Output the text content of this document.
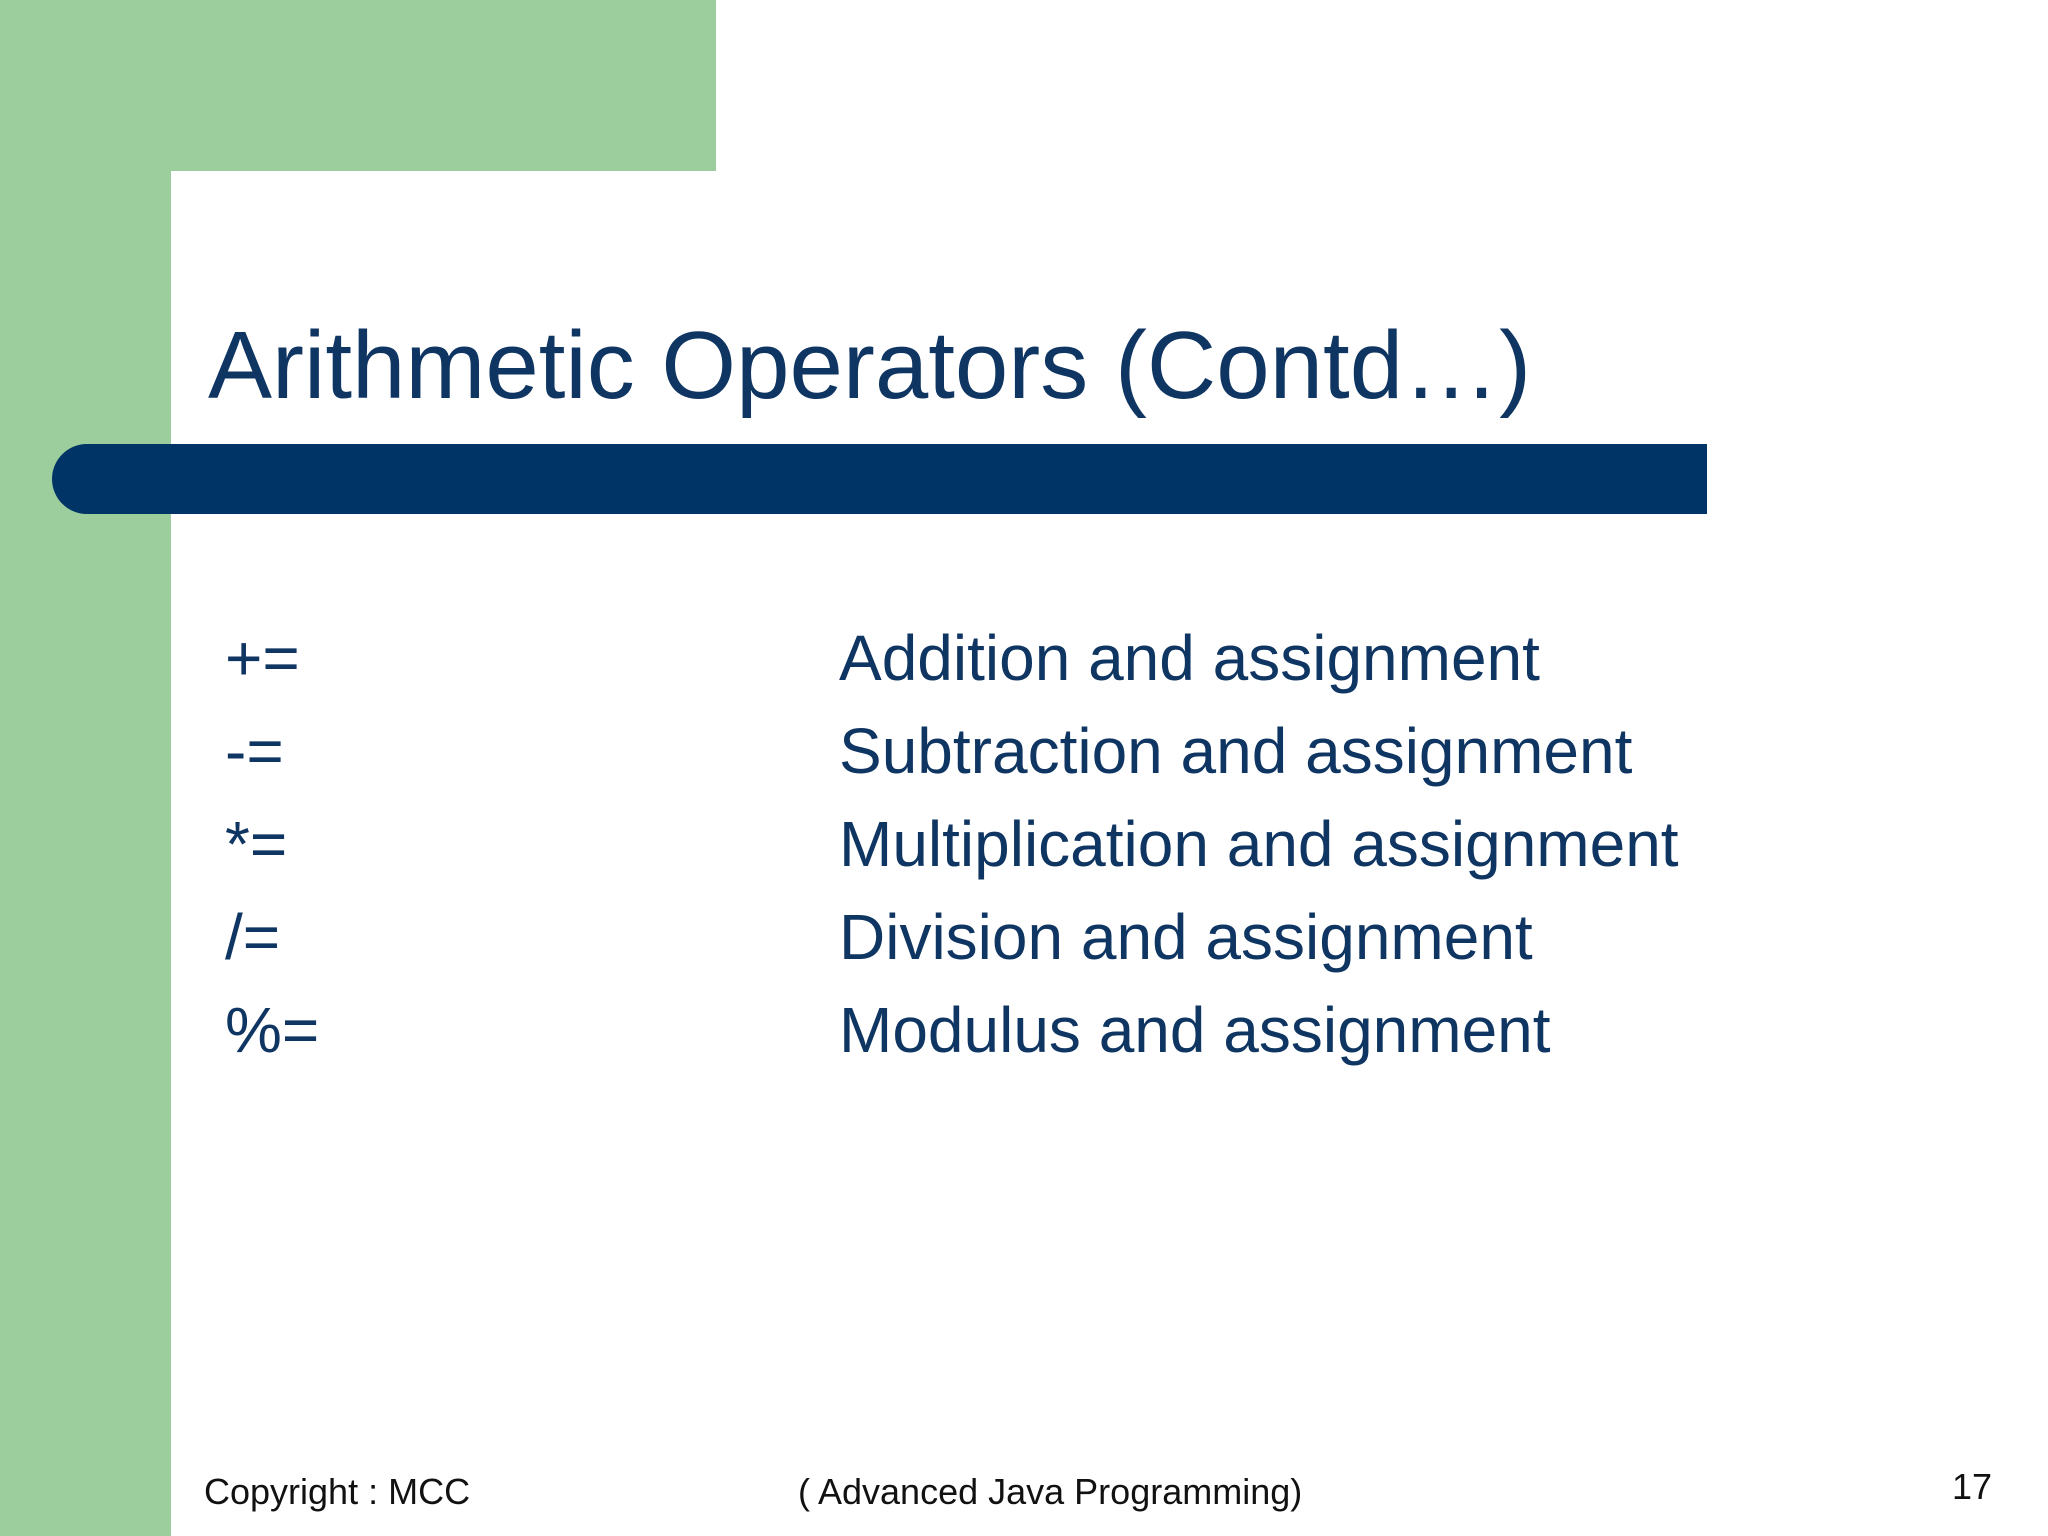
Arithmetic Operators (Contd…)
+=	Addition and assignment
-=	Subtraction and assignment
*=	Multiplication and assignment
/=	Division and assignment
%=	Modulus and assignment
Copyright : MCC	( Advanced Java Programming)	17
